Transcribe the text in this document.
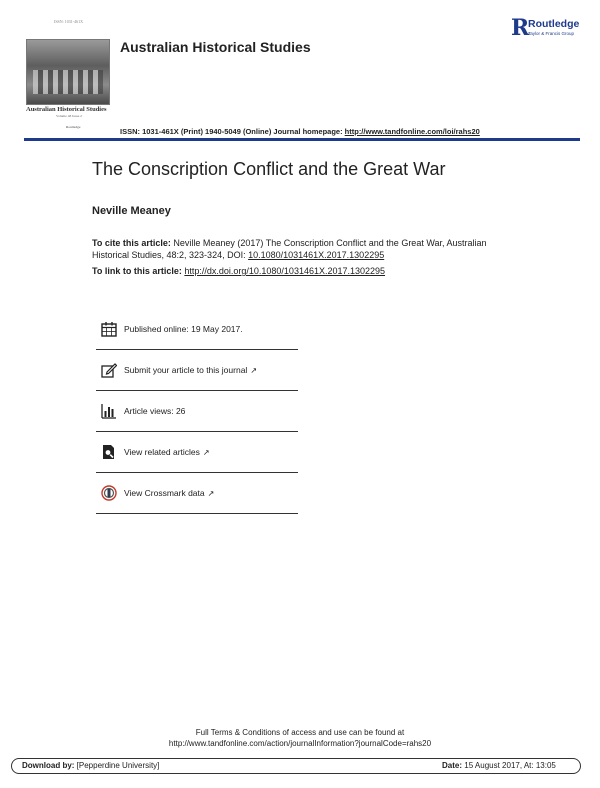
ISSN: 1031-461X
Australian Historical Studies
Volume 48 Issue 2
Routledge
Australian Historical Studies
R
Routledge
Taylor & Francis Group
ISSN: 1031-461X (Print) 1940-5049 (Online) Journal homepage: http://www.tandfonline.com/loi/rahs20
The Conscription Conflict and the Great War
Neville Meaney
To cite this article: Neville Meaney (2017) The Conscription Conflict and the Great War, Australian Historical Studies, 48:2, 323-324, DOI: 10.1080/1031461X.2017.1302295
To link to this article: http://dx.doi.org/10.1080/1031461X.2017.1302295
Published online: 19 May 2017.
Submit your article to this journal ↗
Article views: 26
View related articles ↗
View Crossmark data ↗
Full Terms & Conditions of access and use can be found at
http://www.tandfonline.com/action/journalInformation?journalCode=rahs20
Download by: [Pepperdine University]	Date: 15 August 2017, At: 13:05
